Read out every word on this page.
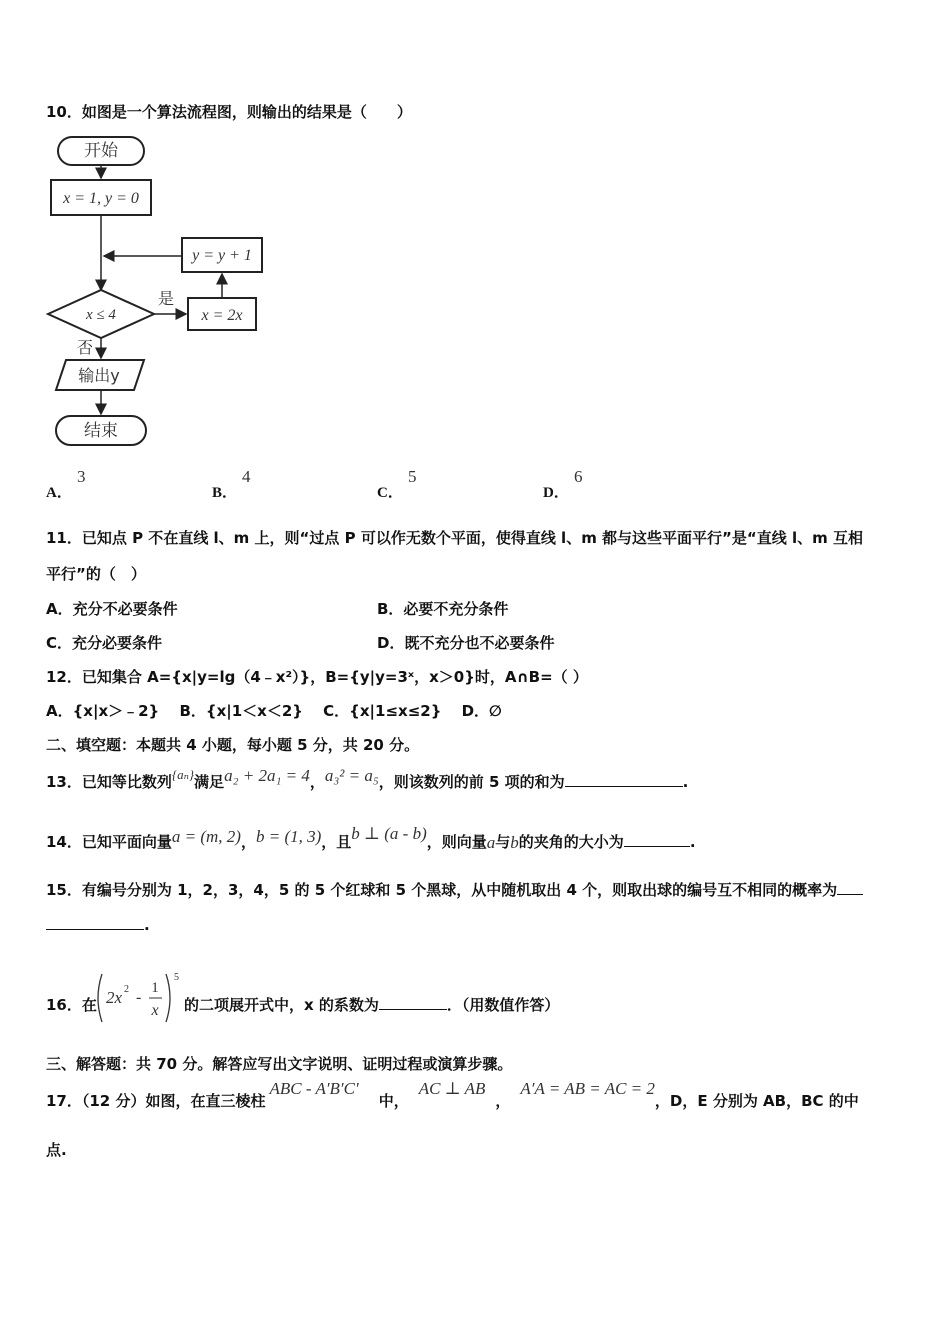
10．如图是一个算法流程图，则输出的结果是（　　）
开始
x = 1, y = 0
y = y + 1
x ≤ 4
是
x = 2x
否
输出y
结束
A．
3
B．
4
C．
5
D．
6
11．已知点 P 不在直线 l、m 上，则“过点 P 可以作无数个平面，使得直线 l、m 都与这些平面平行”是“直线 l、m 互相
平行”的（　）
A．充分不必要条件	B．必要不充分条件
C．充分必要条件	D．既不充分也不必要条件
12．已知集合 A={x|y=lg（4﹣x²）}，B={y|y=3ˣ，x＞0}时，A∩B=（ ）
A．{x|x＞﹣2}　 B．{x|1＜x＜2}　 C．{x|1≤x≤2}　 D．∅
二、填空题：本题共 4 小题，每小题 5 分，共 20 分。
13．已知等比数列{aₙ}满足a₂ + 2a₁ = 4，a₃² = a₅，则该数列的前 5 项的和为	.
14．已知平面向量a = (m, 2)，b = (1, 3)，且b ⊥ (a - b)，则向量a与b的夹角的大小为	.
15．有编号分别为 1，2，3，4，5 的 5 个红球和 5 个黑球，从中随机取出 4 个，则取出球的编号互不相同的概率为
.
16．在 2x 2 -
1
x
5
的二项展开式中，x 的系数为	．（用数值作答）
三、解答题：共 70 分。解答应写出文字说明、证明过程或演算步骤。
17．（12 分）如图，在直三棱柱ABC - A′B′C′中，AC ⊥ AB，A′A = AB = AC = 2，D，E 分别为 AB，BC 的中
点.
